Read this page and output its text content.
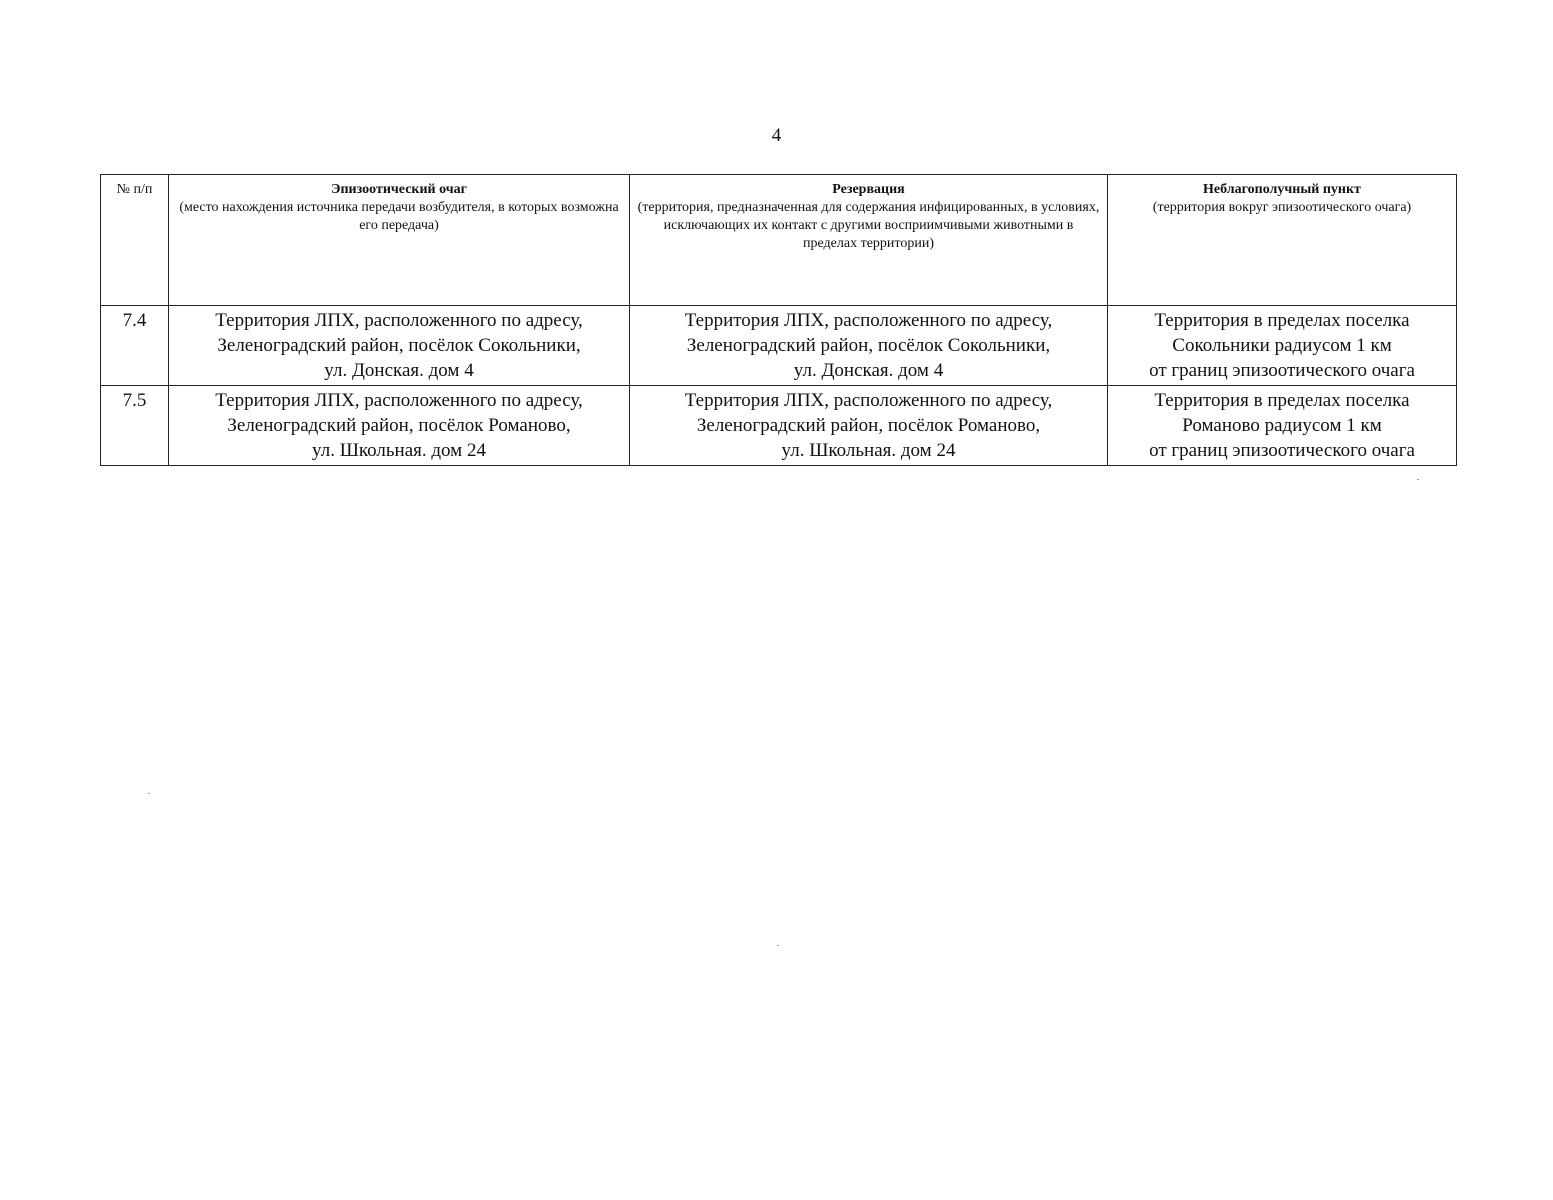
4
№ п/п	Эпизоотический очаг
(место нахождения источника передачи возбудителя, в которых возможна его передача)	Резервация
(территория, предназначенная для содержания инфицированных, в условиях, исключающих их контакт с другими восприимчивыми животными в пределах территории)	Неблагополучный пункт
(территория вокруг эпизоотического очага)

7.4	Территория ЛПХ, расположенного по адресу,
Зеленоградский район, посёлок Сокольники,
ул. Донская. дом 4	Территория ЛПХ, расположенного по адресу,
Зеленоградский район, посёлок Сокольники,
ул. Донская. дом 4	Территория в пределах поселка
Сокольники радиусом 1 км
от границ эпизоотического очага

7.5	Территория ЛПХ, расположенного по адресу,
Зеленоградский район, посёлок Романово,
ул. Школьная. дом 24	Территория ЛПХ, расположенного по адресу,
Зеленоградский район, посёлок Романово,
ул. Школьная. дом 24	Территория в пределах поселка
Романово радиусом 1 км
от границ эпизоотического очага
